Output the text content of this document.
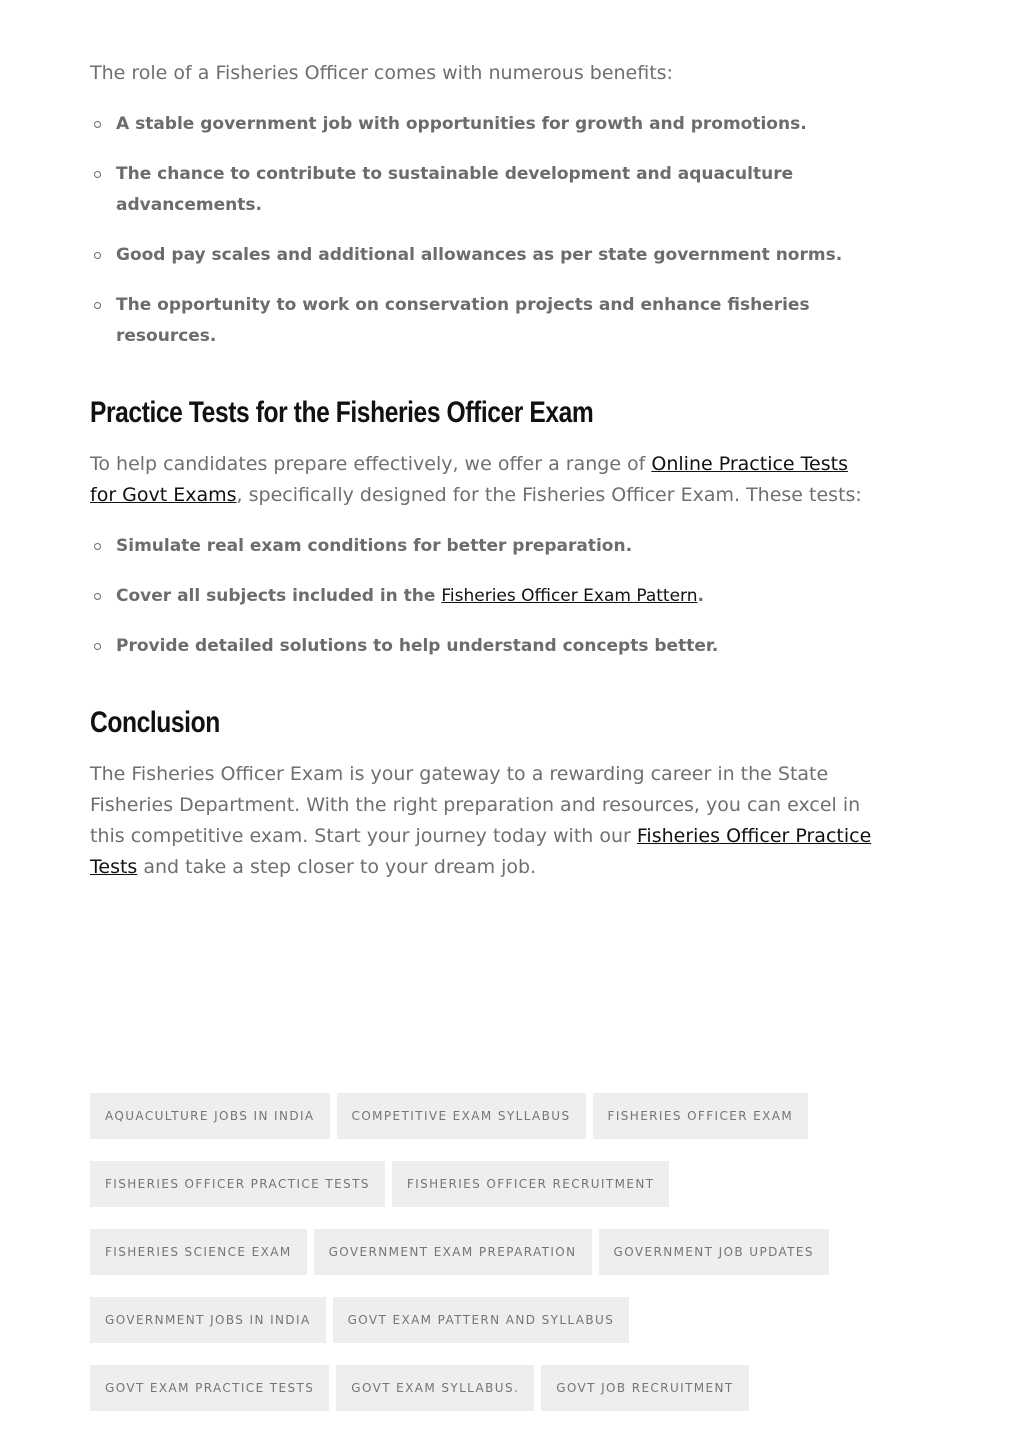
The role of a Fisheries Officer comes with numerous benefits:

A stable government job with opportunities for growth and promotions.
The chance to contribute to sustainable development and aquaculture advancements.
Good pay scales and additional allowances as per state government norms.
The opportunity to work on conservation projects and enhance fisheries resources.
Practice Tests for the Fisheries Officer Exam

To help candidates prepare effectively, we offer a range of Online Practice Tests for Govt Exams, specifically designed for the Fisheries Officer Exam. These tests:

Simulate real exam conditions for better preparation.
Cover all subjects included in the Fisheries Officer Exam Pattern.
Provide detailed solutions to help understand concepts better.
Conclusion

The Fisheries Officer Exam is your gateway to a rewarding career in the State Fisheries Department. With the right preparation and resources, you can excel in this competitive exam. Start your journey today with our Fisheries Officer Practice Tests and take a step closer to your dream job.

AQUACULTURE JOBS IN INDIA	COMPETITIVE EXAM SYLLABUS	FISHERIES OFFICER EXAM
FISHERIES OFFICER PRACTICE TESTS	FISHERIES OFFICER RECRUITMENT
FISHERIES SCIENCE EXAM	GOVERNMENT EXAM PREPARATION	GOVERNMENT JOB UPDATES
GOVERNMENT JOBS IN INDIA	GOVT EXAM PATTERN AND SYLLABUS
GOVT EXAM PRACTICE TESTS	GOVT EXAM SYLLABUS.	GOVT JOB RECRUITMENT
